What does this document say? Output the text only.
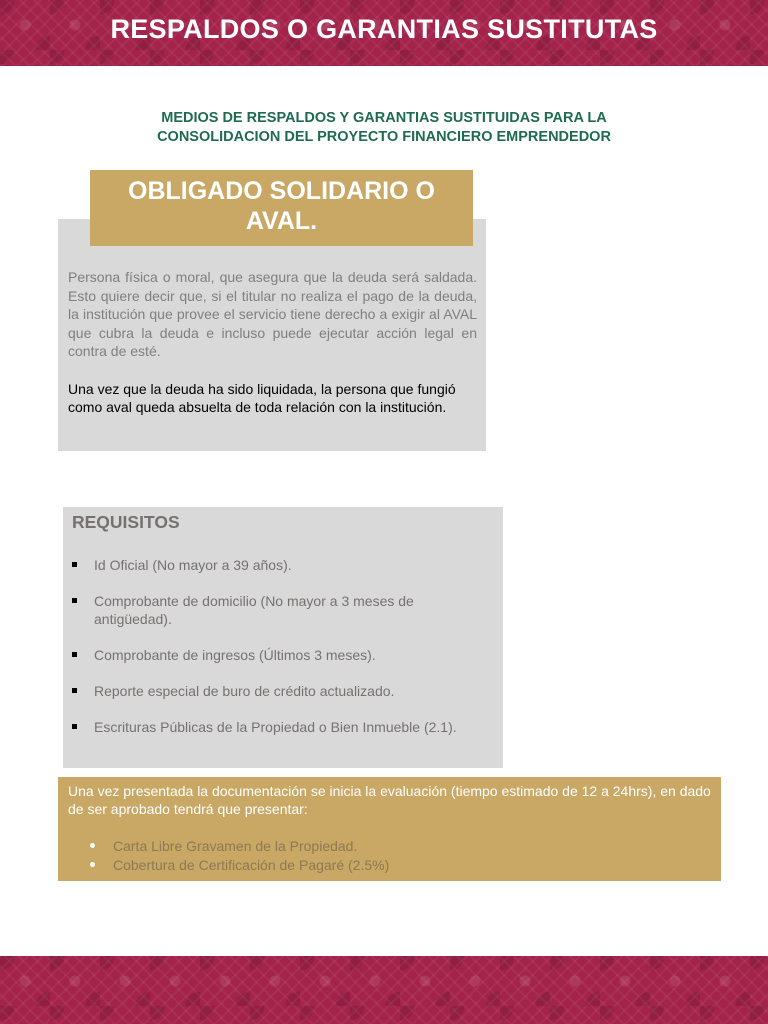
RESPALDOS O GARANTIAS SUSTITUTAS
MEDIOS DE RESPALDOS Y GARANTIAS SUSTITUIDAS PARA LA
CONSOLIDACION DEL PROYECTO FINANCIERO EMPRENDEDOR
OBLIGADO SOLIDARIO O
AVAL.

Persona física o moral, que asegura que la deuda será saldada. Esto quiere decir que, si el titular no realiza el pago de la deuda, la institución que provee el servicio tiene derecho a exigir al AVAL que cubra la deuda e incluso puede ejecutar acción legal en contra de esté.

Una vez que la deuda ha sido liquidada, la persona que fungió como aval queda absuelta de toda relación con la institución.

REQUISITOS
Id Oficial (No mayor a 39 años).
Comprobante de domicilio (No mayor a 3 meses de antigüedad).
Comprobante de ingresos (Últimos 3 meses).
Reporte especial de buro de crédito actualizado.
Escrituras Públicas de la Propiedad o Bien Inmueble (2.1).

Una vez presentada la documentación se inicia la evaluación (tiempo estimado de 12 a 24hrs), en dado de ser aprobado tendrá que presentar:

Carta Libre Gravamen de la Propiedad.
Cobertura de Certificación de Pagaré (2.5%)
